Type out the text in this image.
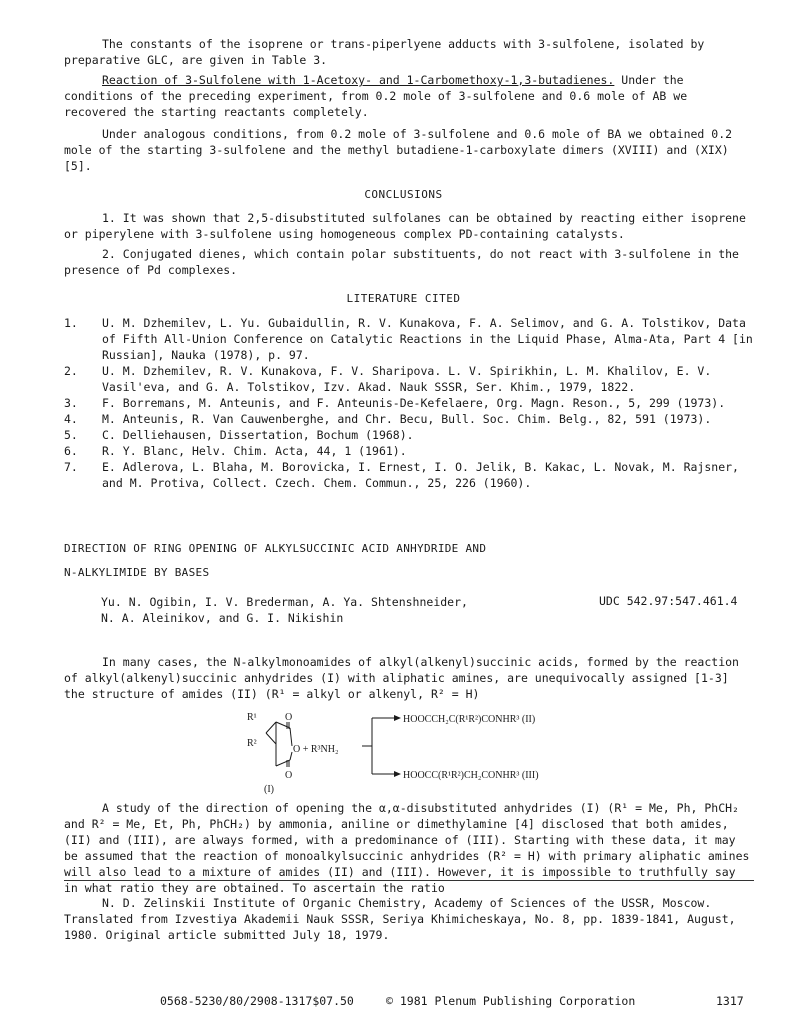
The constants of the isoprene or trans-piperlyene adducts with 3-sulfolene, isolated by preparative GLC, are given in Table 3.

Reaction of 3-Sulfolene with 1-Acetoxy- and 1-Carbomethoxy-1,3-butadienes. Under the conditions of the preceding experiment, from 0.2 mole of 3-sulfolene and 0.6 mole of AB we recovered the starting reactants completely.

Under analogous conditions, from 0.2 mole of 3-sulfolene and 0.6 mole of BA we obtained 0.2 mole of the starting 3-sulfolene and the methyl butadiene-1-carboxylate dimers (XVIII) and (XIX) [5].

CONCLUSIONS

1. It was shown that 2,5-disubstituted sulfolanes can be obtained by reacting either isoprene or piperylene with 3-sulfolene using homogeneous complex PD-containing catalysts.

2. Conjugated dienes, which contain polar substituents, do not react with 3-sulfolene in the presence of Pd complexes.

LITERATURE CITED
1.	U. M. Dzhemilev, L. Yu. Gubaidullin, R. V. Kunakova, F. A. Selimov, and G. A. Tolstikov, Data of Fifth All-Union Conference on Catalytic Reactions in the Liquid Phase, Alma-Ata, Part 4 [in Russian], Nauka (1978), p. 97.
2.	U. M. Dzhemilev, R. V. Kunakova, F. V. Sharipova. L. V. Spirikhin, L. M. Khalilov, E. V. Vasil'eva, and G. A. Tolstikov, Izv. Akad. Nauk SSSR, Ser. Khim., 1979, 1822.
3.	F. Borremans, M. Anteunis, and F. Anteunis-De-Kefelaere, Org. Magn. Reson., 5, 299 (1973).
4.	M. Anteunis, R. Van Cauwenberghe, and Chr. Becu, Bull. Soc. Chim. Belg., 82, 591 (1973).
5.	C. Delliehausen, Dissertation, Bochum (1968).
6.	R. Y. Blanc, Helv. Chim. Acta, 44, 1 (1961).
7.	E. Adlerova, L. Blaha, M. Borovicka, I. Ernest, I. O. Jelik, B. Kakac, L. Novak, M. Rajsner, and M. Protiva, Collect. Czech. Chem. Commun., 25, 226 (1960).
DIRECTION OF RING OPENING OF ALKYLSUCCINIC ACID ANHYDRIDE AND
N-ALKYLIMIDE BY BASES
Yu. N. Ogibin, I. V. Brederman, A. Ya. Shtenshneider,
N. A. Aleinikov, and G. I. Nikishin
UDC 542.97:547.461.4

In many cases, the N-alkylmonoamides of alkyl(alkenyl)succinic acids, formed by the reaction of alkyl(alkenyl)succinic anhydrides (I) with aliphatic amines, are unequivocally assigned [1-3] the structure of amides (II) (R¹ = alkyl or alkenyl, R² = H)

R¹	O
R²
O + R³NH₂
O
(I)
HOOCCH₂C(R¹R²)CONHR³ (II)
HOOCC(R¹R²)CH₂CONHR³ (III)

A study of the direction of opening the α,α-disubstituted anhydrides (I) (R¹ = Me, Ph, PhCH₂ and R² = Me, Et, Ph, PhCH₂) by ammonia, aniline or dimethylamine [4] disclosed that both amides, (II) and (III), are always formed, with a predominance of (III). Starting with these data, it may be assumed that the reaction of monoalkylsuccinic anhydrides (R² = H) with primary aliphatic amines will also lead to a mixture of amides (II) and (III). However, it is impossible to truthfully say in what ratio they are obtained. To ascertain the ratio

N. D. Zelinskii Institute of Organic Chemistry, Academy of Sciences of the USSR, Moscow. Translated from Izvestiya Akademii Nauk SSSR, Seriya Khimicheskaya, No. 8, pp. 1839-1841, August, 1980. Original article submitted July 18, 1979.

0568-5230/80/2908-1317$07.50	© 1981 Plenum Publishing Corporation	1317
